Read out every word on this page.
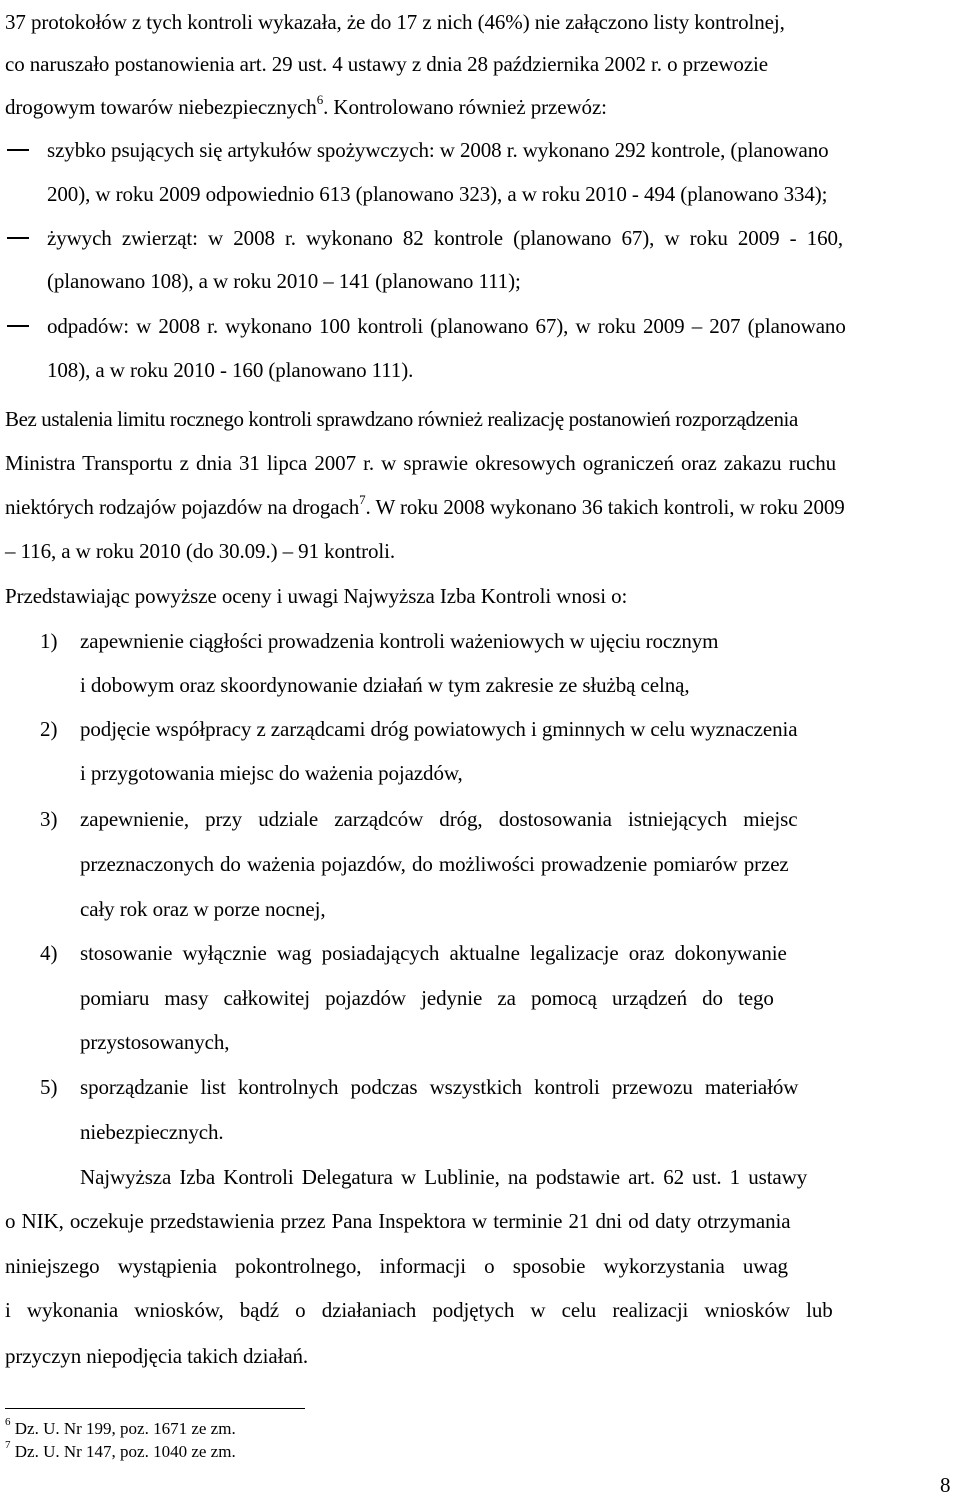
37 protokołów z tych kontroli wykazała, że do 17 z nich (46%) nie załączono listy kontrolnej,
co naruszało postanowienia art. 29 ust. 4 ustawy z dnia 28 października 2002 r. o przewozie
drogowym towarów niebezpiecznych$^6$. Kontrolowano również przewóz:
szybko psujących się artykułów spożywczych: w 2008 r. wykonano 292 kontrole, (planowano
200), w roku 2009 odpowiednio 613 (planowano 323), a w roku 2010 - 494 (planowano 334);
żywych zwierząt: w 2008 r. wykonano 82 kontrole (planowano 67), w roku 2009 - 160,
(planowano 108), a w roku 2010 – 141 (planowano 111);
odpadów: w 2008 r. wykonano 100 kontroli (planowano 67), w roku 2009 – 207 (planowano
108), a w roku 2010 - 160 (planowano 111).
Bez ustalenia limitu rocznego kontroli sprawdzano również realizację postanowień rozporządzenia
Ministra Transportu z dnia 31 lipca 2007 r. w sprawie okresowych ograniczeń oraz zakazu ruchu
niektórych rodzajów pojazdów na drogach$^7$. W roku 2008 wykonano 36 takich kontroli, w roku 2009
– 116, a w roku 2010 (do 30.09.) – 91 kontroli.
Przedstawiając powyższe oceny i uwagi Najwyższa Izba Kontroli wnosi o:
1) zapewnienie ciągłości prowadzenia kontroli ważeniowych w ujęciu rocznym
i dobowym oraz skoordynowanie działań w tym zakresie ze służbą celną,
2) podjęcie współpracy z zarządcami dróg powiatowych i gminnych w celu wyznaczenia
i przygotowania miejsc do ważenia pojazdów,
3) zapewnienie, przy udziale zarządców dróg, dostosowania istniejących miejsc
przeznaczonych do ważenia pojazdów, do możliwości prowadzenie pomiarów przez
cały rok oraz w porze nocnej,
4) stosowanie wyłącznie wag posiadających aktualne legalizacje oraz dokonywanie
pomiaru masy całkowitej pojazdów jedynie za pomocą urządzeń do tego
przystosowanych,
5) sporządzanie list kontrolnych podczas wszystkich kontroli przewozu materiałów
niebezpiecznych.
Najwyższa Izba Kontroli Delegatura w Lublinie, na podstawie art. 62 ust. 1 ustawy
o NIK, oczekuje przedstawienia przez Pana Inspektora w terminie 21 dni od daty otrzymania
niniejszego wystąpienia pokontrolnego, informacji o sposobie wykorzystania uwag
i wykonania wniosków, bądź o działaniach podjętych w celu realizacji wniosków lub
przyczyn niepodjęcia takich działań.
$^6$ Dz. U. Nr 199, poz. 1671 ze zm.
$^7$ Dz. U. Nr 147, poz. 1040 ze zm.
8
